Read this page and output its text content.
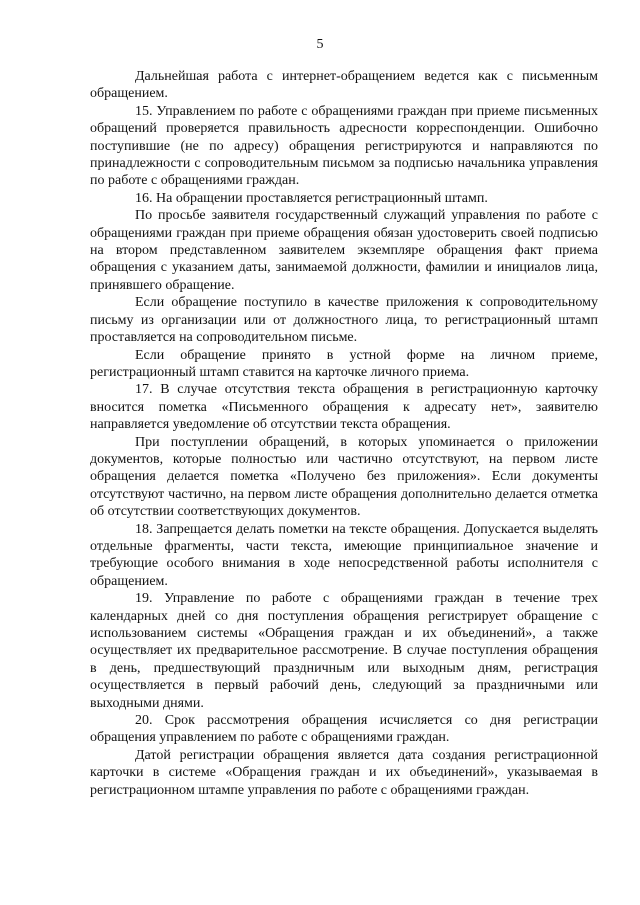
5

Дальнейшая работа с интернет-обращением ведется как с письменным обращением.

15. Управлением по работе с обращениями граждан при приеме письменных обращений проверяется правильность адресности корреспонденции. Ошибочно поступившие (не по адресу) обращения регистрируются и направляются по принадлежности с сопроводительным письмом за подписью начальника управления по работе с обращениями граждан.

16. На обращении проставляется регистрационный штамп.

По просьбе заявителя государственный служащий управления по работе с обращениями граждан при приеме обращения обязан удостоверить своей подписью на втором представленном заявителем экземпляре обращения факт приема обращения с указанием даты, занимаемой должности, фамилии и инициалов лица, принявшего обращение.

Если обращение поступило в качестве приложения к сопроводительному письму из организации или от должностного лица, то регистрационный штамп проставляется на сопроводительном письме.

Если обращение принято в устной форме на личном приеме, регистрационный штамп ставится на карточке личного приема.

17. В случае отсутствия текста обращения в регистрационную карточку вносится пометка «Письменного обращения к адресату нет», заявителю направляется уведомление об отсутствии текста обращения.

При поступлении обращений, в которых упоминается о приложении документов, которые полностью или частично отсутствуют, на первом листе обращения делается пометка «Получено без приложения». Если документы отсутствуют частично, на первом листе обращения дополнительно делается отметка об отсутствии соответствующих документов.

18. Запрещается делать пометки на тексте обращения. Допускается выделять отдельные фрагменты, части текста, имеющие принципиальное значение и требующие особого внимания в ходе непосредственной работы исполнителя с обращением.

19. Управление по работе с обращениями граждан в течение трех календарных дней со дня поступления обращения регистрирует обращение с использованием системы «Обращения граждан и их объединений», а также осуществляет их предварительное рассмотрение. В случае поступления обращения в день, предшествующий праздничным или выходным дням, регистрация осуществляется в первый рабочий день, следующий за праздничными или выходными днями.

20. Срок рассмотрения обращения исчисляется со дня регистрации обращения управлением по работе с обращениями граждан.

Датой регистрации обращения является дата создания регистрационной карточки в системе «Обращения граждан и их объединений», указываемая в регистрационном штампе управления по работе с обращениями граждан.
